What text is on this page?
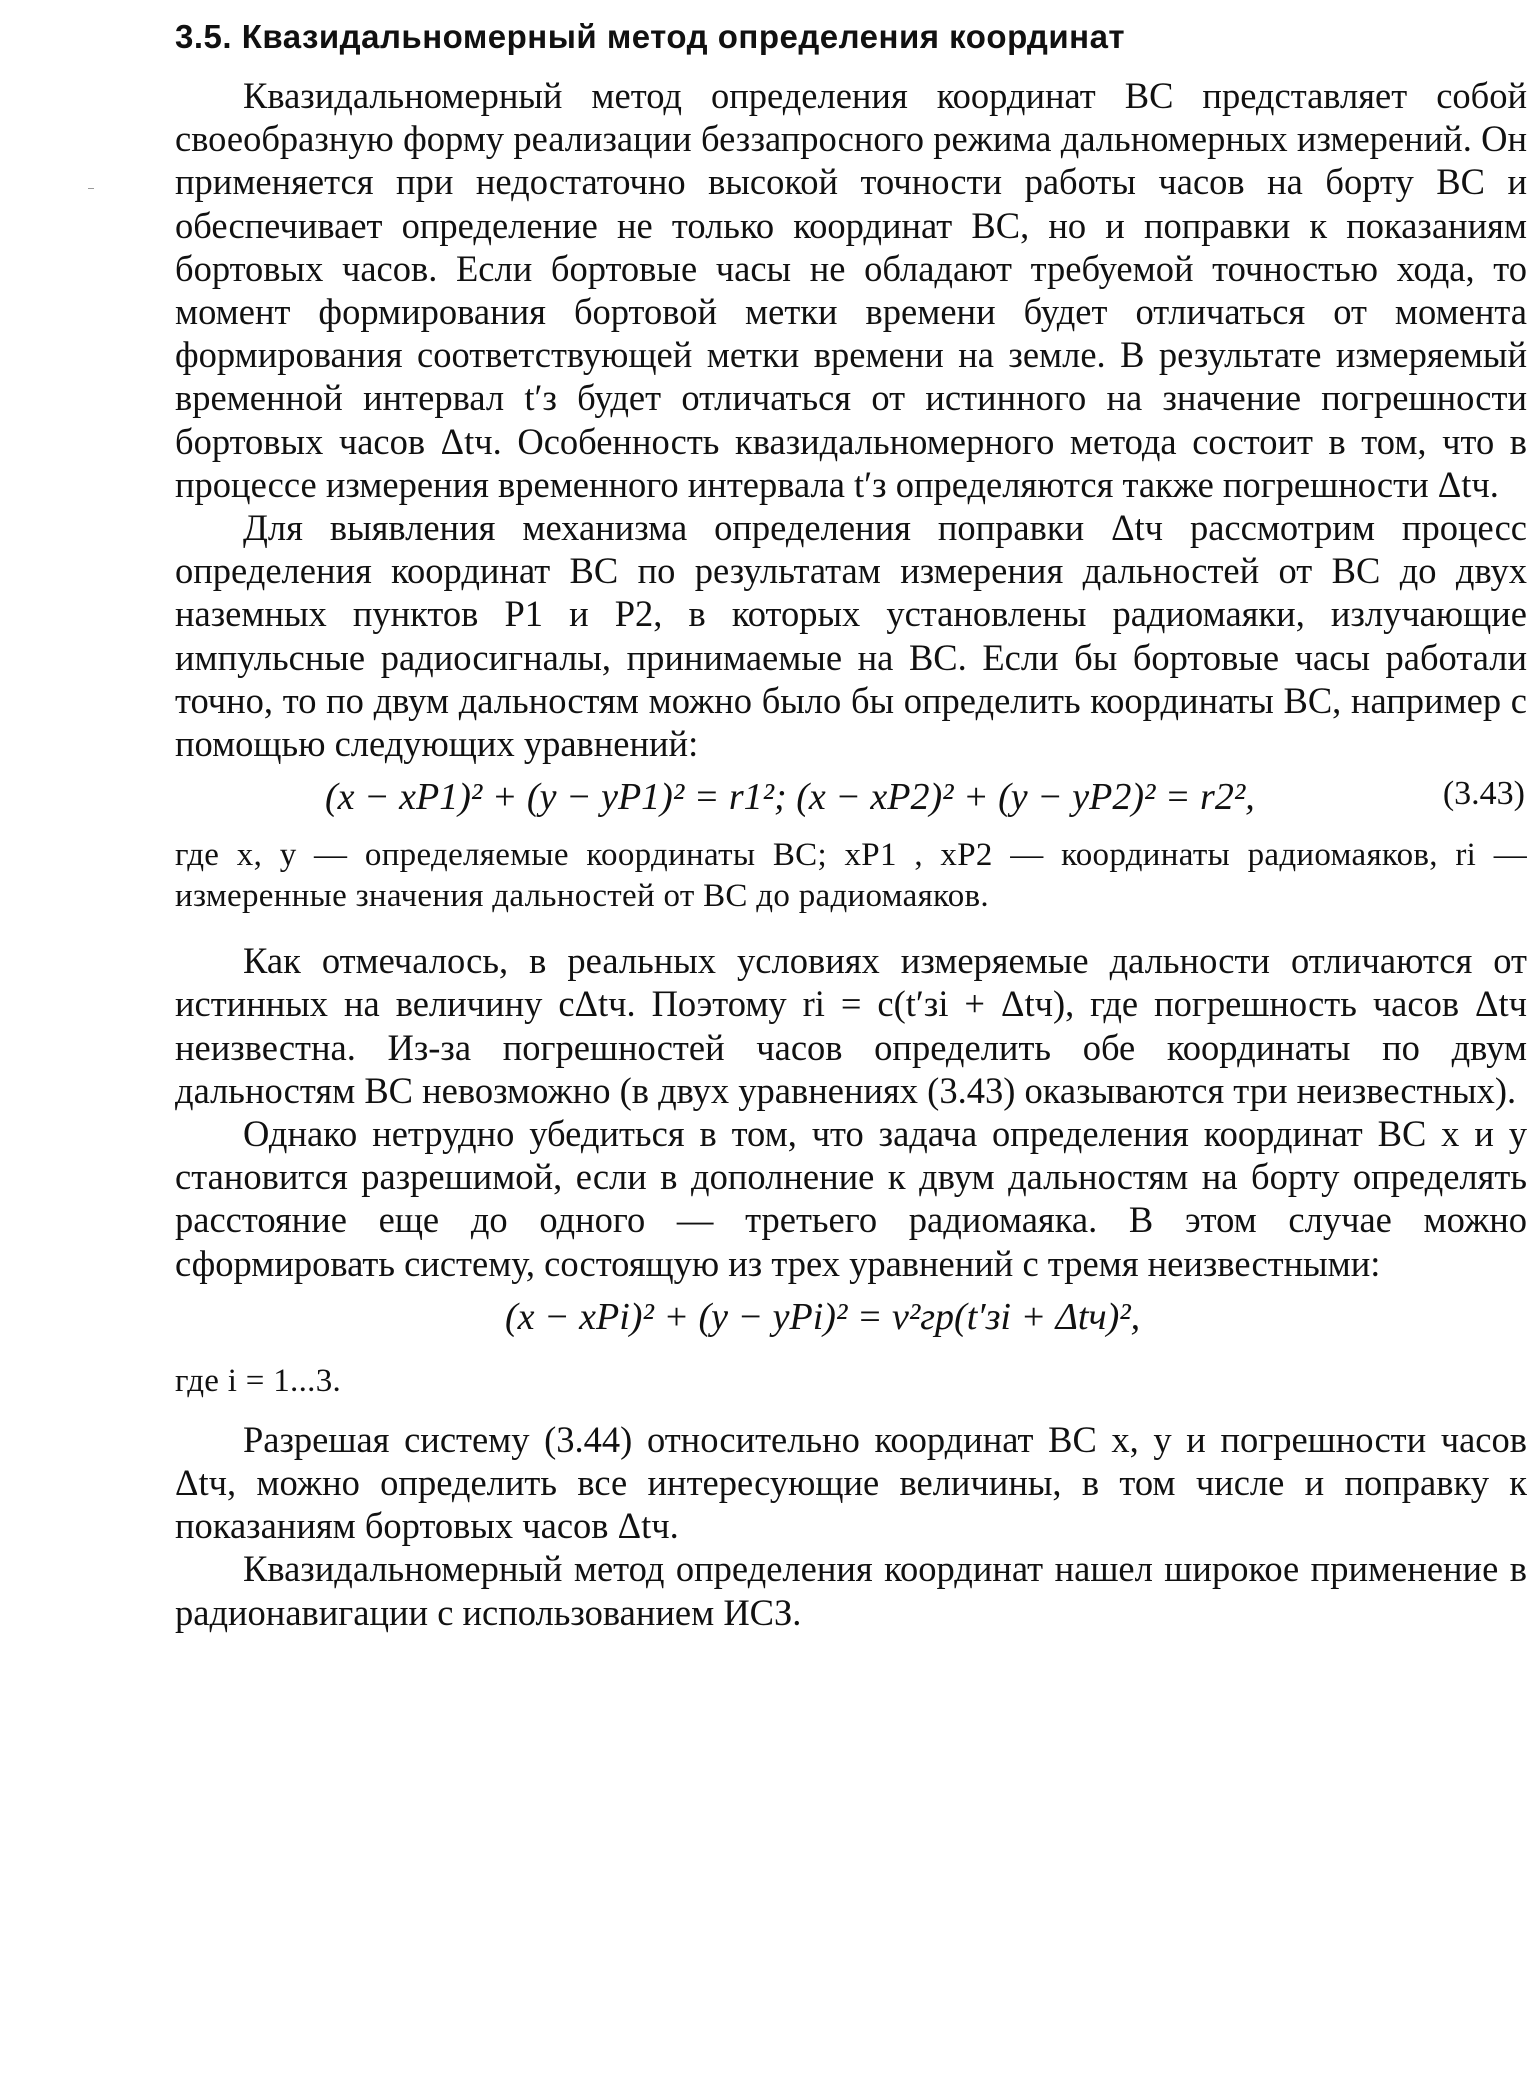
3.5. Квазидальномерный метод определения координат

Квазидальномерный метод определения координат ВС представляет собой своеобразную форму реализации беззапросного режима дальномерных измерений. Он применяется при недостаточно высокой точности работы часов на борту ВС и обеспечивает определение не только координат ВС, но и поправки к показаниям бортовых часов. Если бортовые часы не обладают требуемой точностью хода, то момент формирования бортовой метки времени будет отличаться от момента формирования соответствующей метки времени на земле. В результате измеряемый временной интервал t′з будет отличаться от истинного на значение погрешности бортовых часов Δtч. Особенность квазидальномерного метода состоит в том, что в процессе измерения временного интервала t′з определяются также погрешности Δtч.

Для выявления механизма определения поправки Δtч рассмотрим процесс определения координат ВС по результатам измерения дальностей от ВС до двух наземных пунктов P1 и P2, в которых установлены радиомаяки, излучающие импульсные радиосигналы, принимаемые на ВС. Если бы бортовые часы работали точно, то по двум дальностям можно было бы определить координаты ВС, например с помощью следующих уравнений:

(x − xP1)² + (y − yP1)² = r1²; (x − xP2)² + (y − yP2)² = r2²,	(3.43)

где x, y — определяемые координаты ВС; xP1 , xP2 — координаты радиомаяков, ri — измеренные значения дальностей от ВС до радиомаяков.

Как отмечалось, в реальных условиях измеряемые дальности отличаются от истинных на величину cΔtч. Поэтому ri = c(t′зi + Δtч), где погрешность часов Δtч неизвестна. Из-за погрешностей часов определить обе координаты по двум дальностям ВС невозможно (в двух уравнениях (3.43) оказываются три неизвестных).

Однако нетрудно убедиться в том, что задача определения координат ВС x и y становится разрешимой, если в дополнение к двум дальностям на борту определять расстояние еще до одного — третьего радиомаяка. В этом случае можно сформировать систему, состоящую из трех уравнений с тремя неизвестными:

(x − xPi)² + (y − yPi)² = v²гр(t′зi + Δtч)²,

где i = 1...3.

Разрешая систему (3.44) относительно координат ВС x, y и погрешности часов Δtч, можно определить все интересующие величины, в том числе и поправку к показаниям бортовых часов Δtч.

Квазидальномерный метод определения координат нашел широкое применение в радионавигации с использованием ИСЗ.
